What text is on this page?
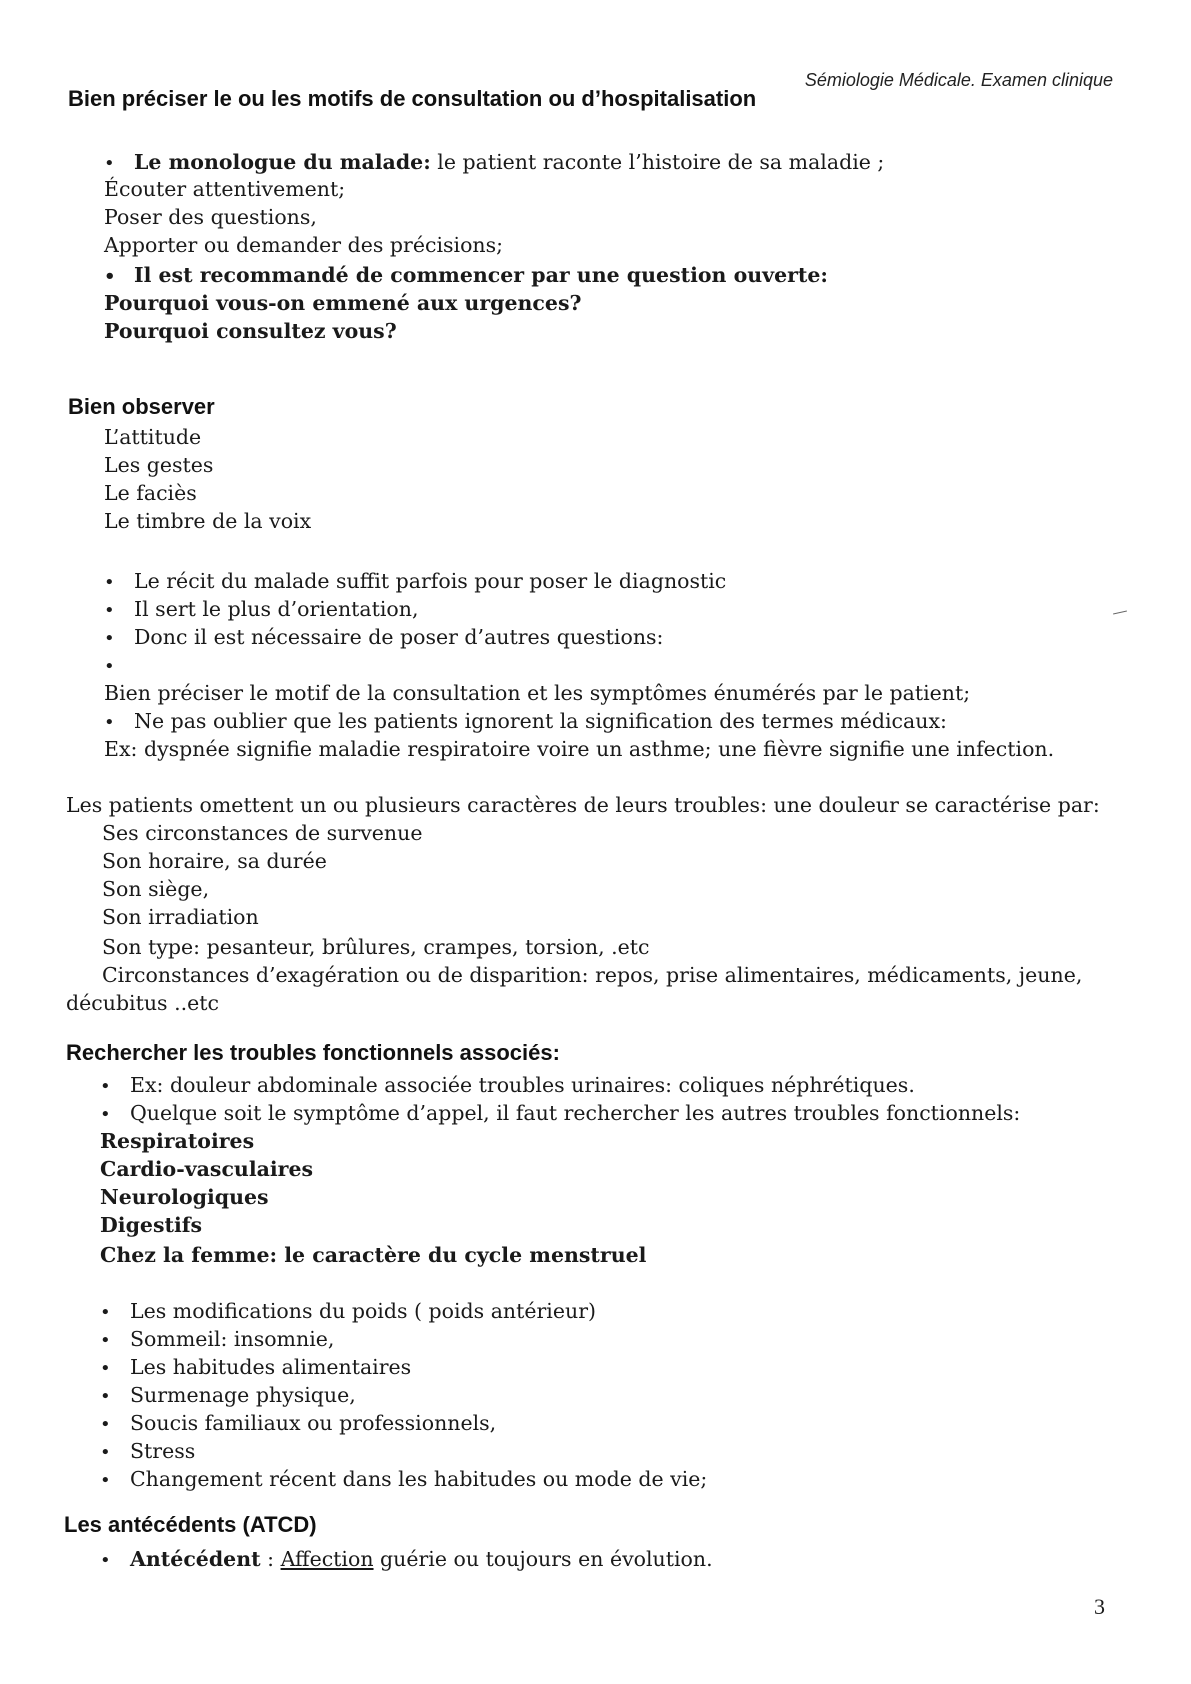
Sémiologie Médicale. Examen clinique
Bien préciser le ou les motifs de consultation ou d’hospitalisation
• Le monologue du malade: le patient raconte l’histoire de sa maladie ;
Écouter attentivement;
Poser des questions,
Apporter ou demander des précisions;
• Il est recommandé de commencer par une question ouverte:
Pourquoi vous-on emmené aux urgences?
Pourquoi consultez vous?
Bien observer
L’attitude
Les gestes
Le faciès
Le timbre de la voix
• Le récit du malade suffit parfois pour poser le diagnostic
• Il sert le plus d’orientation,
• Donc il est nécessaire de poser d’autres questions:
•
Bien préciser le motif de la consultation et les symptômes énumérés par le patient;
• Ne pas oublier que les patients ignorent la signification des termes médicaux:
Ex: dyspnée signifie maladie respiratoire voire un asthme; une fièvre signifie une infection.
Les patients omettent un ou plusieurs caractères de leurs troubles: une douleur se caractérise par:
Ses circonstances de survenue
Son horaire, sa durée
Son siège,
Son irradiation
Son type: pesanteur, brûlures, crampes, torsion, .etc
Circonstances d’exagération ou de disparition: repos, prise alimentaires, médicaments, jeune,
décubitus ..etc
Rechercher les troubles fonctionnels associés:
• Ex: douleur abdominale associée troubles urinaires: coliques néphrétiques.
• Quelque soit le symptôme d’appel, il faut rechercher les autres troubles fonctionnels:
Respiratoires
Cardio-vasculaires
Neurologiques
Digestifs
Chez la femme: le caractère du cycle menstruel
• Les modifications du poids ( poids antérieur)
• Sommeil: insomnie,
• Les habitudes alimentaires
• Surmenage physique,
• Soucis familiaux ou professionnels,
• Stress
• Changement récent dans les habitudes ou mode de vie;
Les antécédents (ATCD)
• Antécédent : Affection guérie ou toujours en évolution.
3
